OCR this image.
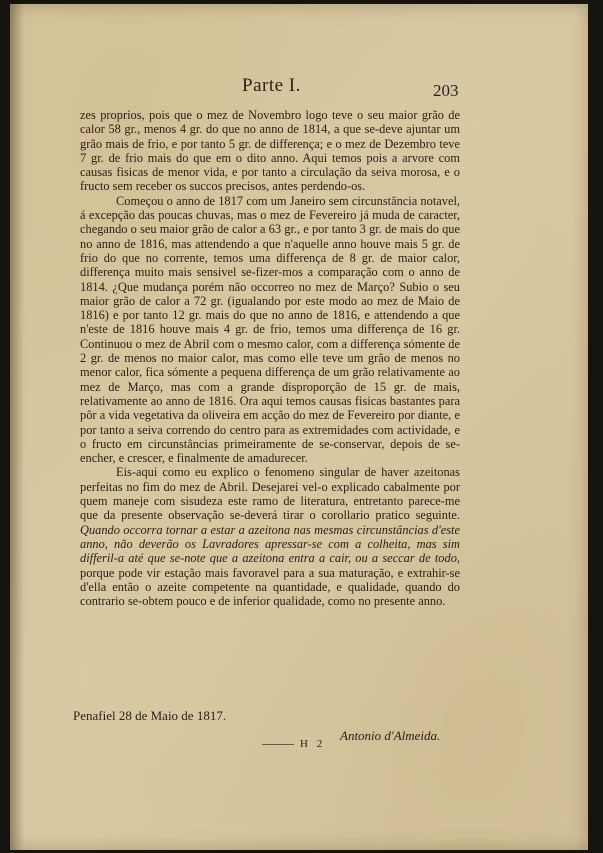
Parte I.	203

zes proprios, pois que o mez de Novembro logo teve o seu maior grão de calor 58 gr., menos 4 gr. do que no anno de 1814, a que se-deve ajuntar um grão mais de frio, e por tanto 5 gr. de differença; e o mez de Dezembro teve 7 gr. de frio mais do que em o dito anno. Aqui temos pois a arvore com causas fisicas de menor vida, e por tanto a circulação da seiva morosa, e o fructo sem receber os succos precisos, antes perdendo-os.

Começou o anno de 1817 com um Janeiro sem circunstância notavel, á excepção das poucas chuvas, mas o mez de Fevereiro já muda de caracter, chegando o seu maior grão de calor a 63 gr., e por tanto 3 gr. de mais do que no anno de 1816, mas attendendo a que n'aquelle anno houve mais 5 gr. de frio do que no corrente, temos uma differença de 8 gr. de maior calor, differença muito mais sensivel se-fizer-mos a comparação com o anno de 1814. ¿Que mudança porém não occorreo no mez de Março? Subio o seu maior grão de calor a 72 gr. (igualando por este modo ao mez de Maio de 1816) e por tanto 12 gr. mais do que no anno de 1816, e attendendo a que n'este de 1816 houve mais 4 gr. de frio, temos uma differença de 16 gr. Continuou o mez de Abril com o mesmo calor, com a differença sómente de 2 gr. de menos no maior calor, mas como elle teve um grão de menos no menor calor, fica sómente a pequena differença de um grão relativamente ao mez de Março, mas com a grande disproporção de 15 gr. de mais, relativamente ao anno de 1816. Ora aqui temos causas fisicas bastantes para pôr a vida vegetativa da oliveira em acção do mez de Fevereiro por diante, e por tanto a seiva correndo do centro para as extremidades com actividade, e o fructo em circunstâncias primeiramente de se-conservar, depois de se-encher, e crescer, e finalmente de amadurecer.

Eis-aqui como eu explico o fenomeno singular de haver azeitonas perfeitas no fim do mez de Abril. Desejarei vel-o explicado cabalmente por quem maneje com sisudeza este ramo de literatura, entretanto parece-me que da presente observação se-deverá tirar o corollario pratico seguinte. Quando occorra tornar a estar a azeitona nas mesmas circunstâncias d'este anno, não deverão os Lavradores apressar-se com a colheita, mas sim differil-a até que se-note que a azeitona entra a cair, ou a seccar de todo, porque pode vir estação mais favoravel para a sua maturação, e extrahir-se d'ella então o azeite competente na quantidade, e qualidade, quando do contrario se-obtem pouco e de inferior qualidade, como no presente anno.

Penafiel 28 de Maio de 1817.
Antonio d'Almeida.
H 2
